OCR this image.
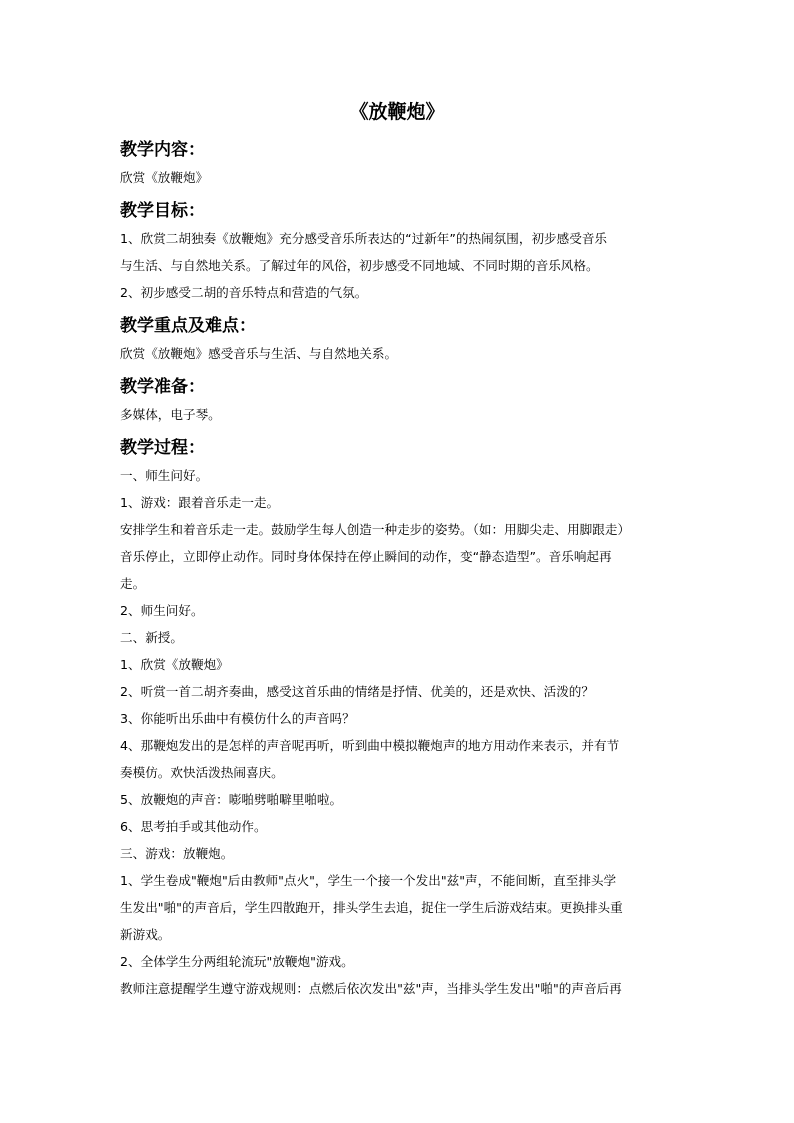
《放鞭炮》

教学内容：

欣赏《放鞭炮》

教学目标：

1、欣赏二胡独奏《放鞭炮》充分感受音乐所表达的“过新年”的热闹氛围，初步感受音乐

与生活、与自然地关系。了解过年的风俗，初步感受不同地域、不同时期的音乐风格。

2、初步感受二胡的音乐特点和营造的气氛。

教学重点及难点：

欣赏《放鞭炮》感受音乐与生活、与自然地关系。

教学准备：

多媒体，电子琴。

教学过程：

一、师生问好。

1、游戏：跟着音乐走一走。

安排学生和着音乐走一走。鼓励学生每人创造一种走步的姿势。（如：用脚尖走、用脚跟走）

音乐停止，立即停止动作。同时身体保持在停止瞬间的动作，变“静态造型”。音乐响起再

走。

2、师生问好。

二、新授。

1、欣赏《放鞭炮》

2、听赏一首二胡齐奏曲，感受这首乐曲的情绪是抒情、优美的，还是欢快、活泼的？

3、你能听出乐曲中有模仿什么的声音吗？

4、那鞭炮发出的是怎样的声音呢再听，听到曲中模拟鞭炮声的地方用动作来表示，并有节

奏模仿。欢快活泼热闹喜庆。

5、放鞭炮的声音：嘭啪劈啪噼里啪啦。

6、思考拍手或其他动作。

三、游戏：放鞭炮。

1、学生卷成"鞭炮"后由教师"点火"，学生一个接一个发出"兹"声，不能间断，直至排头学

生发出"啪"的声音后，学生四散跑开，排头学生去追，捉住一学生后游戏结束。更换排头重

新游戏。

2、全体学生分两组轮流玩"放鞭炮"游戏。

教师注意提醒学生遵守游戏规则：点燃后依次发出"兹"声，当排头学生发出"啪"的声音后再
